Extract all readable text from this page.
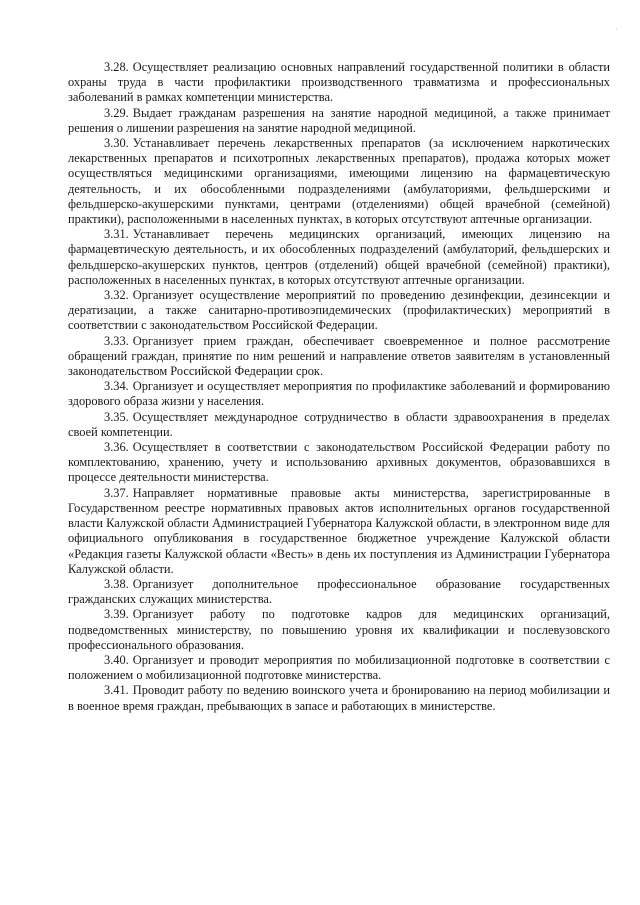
·

3.28. Осуществляет реализацию основных направлений государственной политики в области охраны труда в части профилактики производственного травматизма и профессиональных заболеваний в рамках компетенции министерства.

3.29. Выдает гражданам разрешения на занятие народной медициной, а также принимает решения о лишении разрешения на занятие народной медициной.

3.30. Устанавливает перечень лекарственных препаратов (за исключением наркотических лекарственных препаратов и психотропных лекарственных препаратов), продажа которых может осуществляться медицинскими организациями, имеющими лицензию на фармацевтическую деятельность, и их обособленными подразделениями (амбулаториями, фельдшерскими и фельдшерско-акушерскими пунктами, центрами (отделениями) общей врачебной (семейной) практики), расположенными в населенных пунктах, в которых отсутствуют аптечные организации.

3.31. Устанавливает перечень медицинских организаций, имеющих лицензию на фармацевтическую деятельность, и их обособленных подразделений (амбулаторий, фельдшерских и фельдшерско-акушерских пунктов, центров (отделений) общей врачебной (семейной) практики), расположенных в населенных пунктах, в которых отсутствуют аптечные организации.

3.32. Организует осуществление мероприятий по проведению дезинфекции, дезинсекции и дератизации, а также санитарно-противоэпидемических (профилактических) мероприятий в соответствии с законодательством Российской Федерации.

3.33. Организует прием граждан, обеспечивает своевременное и полное рассмотрение обращений граждан, принятие по ним решений и направление ответов заявителям в установленный законодательством Российской Федерации срок.

3.34. Организует и осуществляет мероприятия по профилактике заболеваний и формированию здорового образа жизни у населения.

3.35. Осуществляет международное сотрудничество в области здравоохранения в пределах своей компетенции.

3.36. Осуществляет в соответствии с законодательством Российской Федерации работу по комплектованию, хранению, учету и использованию архивных документов, образовавшихся в процессе деятельности министерства.

3.37. Направляет нормативные правовые акты министерства, зарегистрированные в Государственном реестре нормативных правовых актов исполнительных органов государственной власти Калужской области Администрацией Губернатора Калужской области, в электронном виде для официального опубликования в государственное бюджетное учреждение Калужской области «Редакция газеты Калужской области «Весть» в день их поступления из Администрации Губернатора Калужской области.

3.38. Организует дополнительное профессиональное образование государственных гражданских служащих министерства.

3.39. Организует работу по подготовке кадров для медицинских организаций, подведомственных министерству, по повышению уровня их квалификации и послевузовского профессионального образования.

3.40. Организует и проводит мероприятия по мобилизационной подготовке в соответствии с положением о мобилизационной подготовке министерства.

3.41. Проводит работу по ведению воинского учета и бронированию на период мобилизации и в военное время граждан, пребывающих в запасе и работающих в министерстве.
